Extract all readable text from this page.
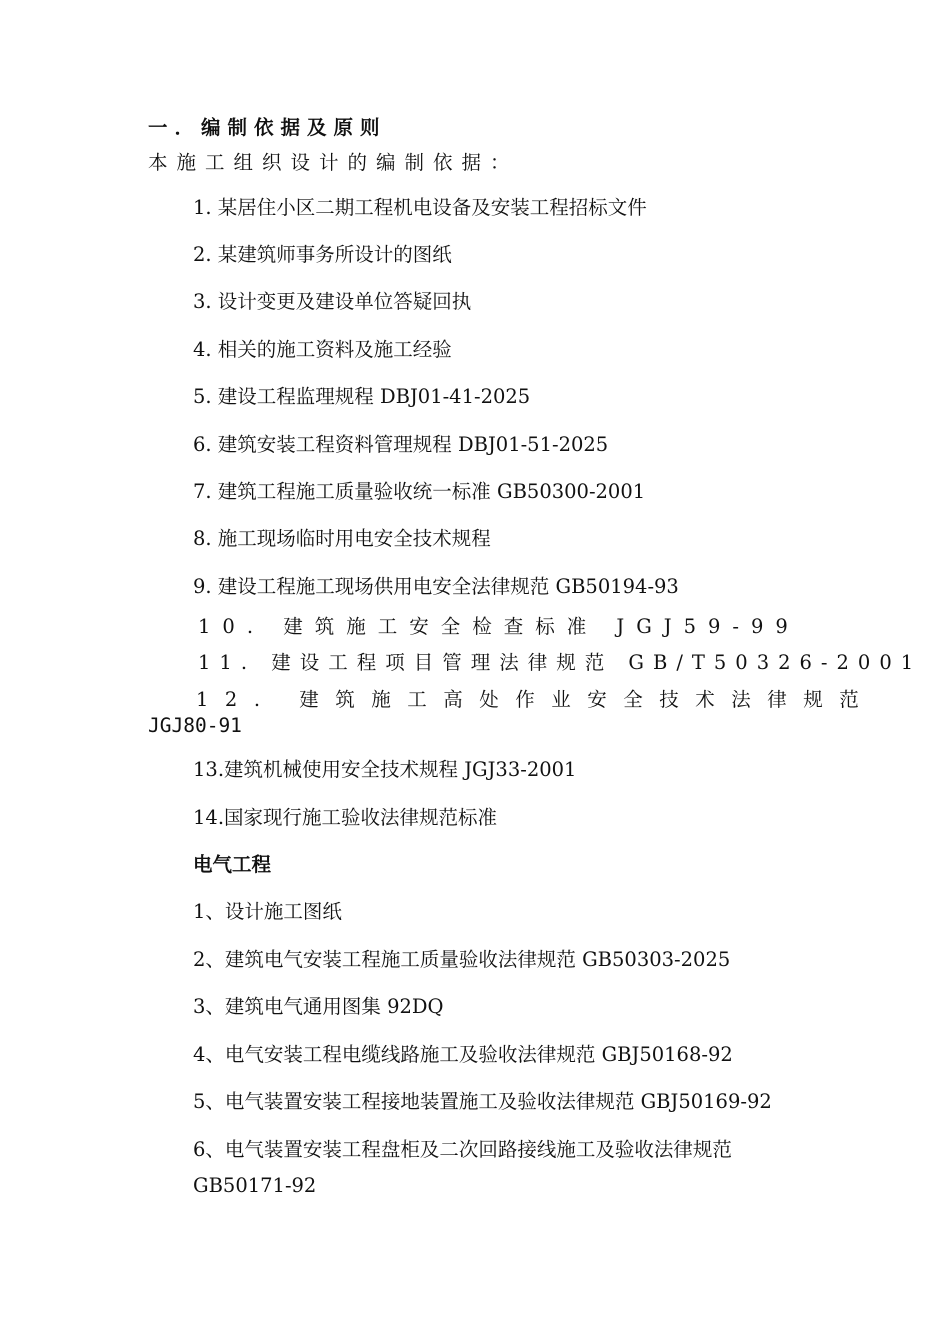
一．编制依据及原则
本施工组织设计的编制依据：
1. 某居住小区二期工程机电设备及安装工程招标文件
2. 某建筑师事务所设计的图纸
3. 设计变更及建设单位答疑回执
4. 相关的施工资料及施工经验
5. 建设工程监理规程 DBJ01-41-2025
6. 建筑安装工程资料管理规程 DBJ01-51-2025
7. 建筑工程施工质量验收统一标准 GB50300-2001
8. 施工现场临时用电安全技术规程
9. 建设工程施工现场供用电安全法律规范 GB50194-93
10. 建筑施工安全检查标准 JGJ59-99
11. 建设工程项目管理法律规范 GB/T50326-2001
12. 建筑施工高处作业安全技术法律规范
JGJ80-91
13.建筑机械使用安全技术规程 JGJ33-2001
14.国家现行施工验收法律规范标准
电气工程
1、设计施工图纸
2、建筑电气安装工程施工质量验收法律规范 GB50303-2025
3、建筑电气通用图集 92DQ
4、电气安装工程电缆线路施工及验收法律规范 GBJ50168-92
5、电气装置安装工程接地装置施工及验收法律规范 GBJ50169-92
6、电气装置安装工程盘柜及二次回路接线施工及验收法律规范
GB50171-92
